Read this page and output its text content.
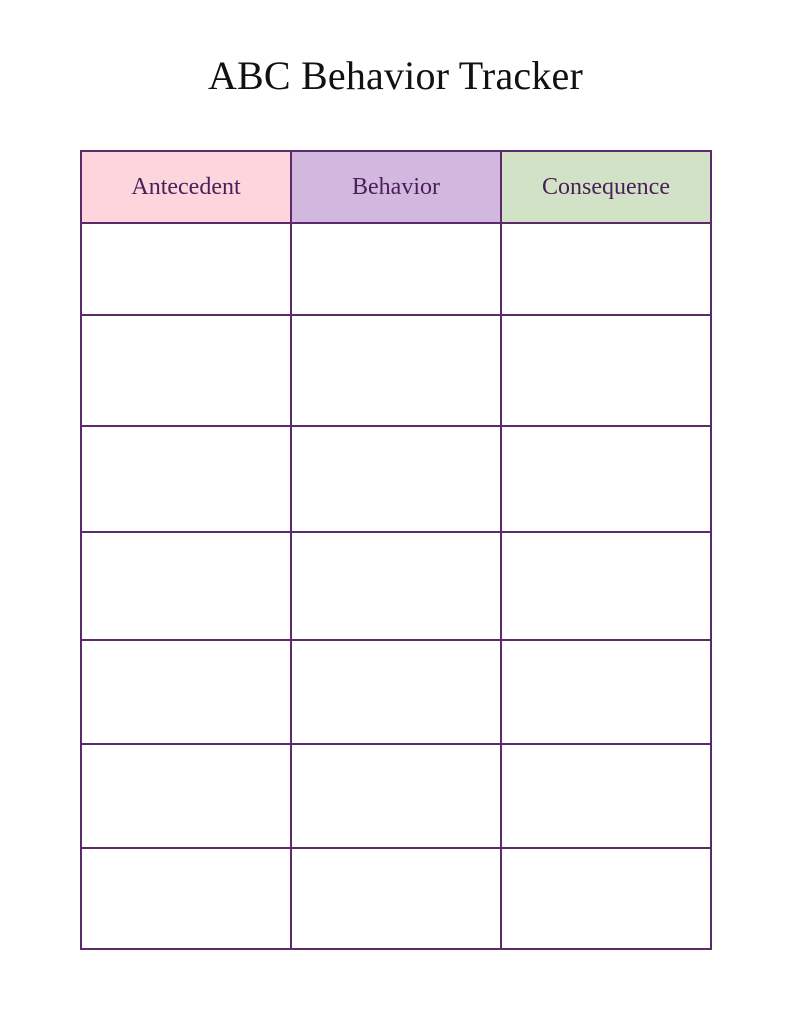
ABC Behavior Tracker
Antecedent	Behavior	Consequence
